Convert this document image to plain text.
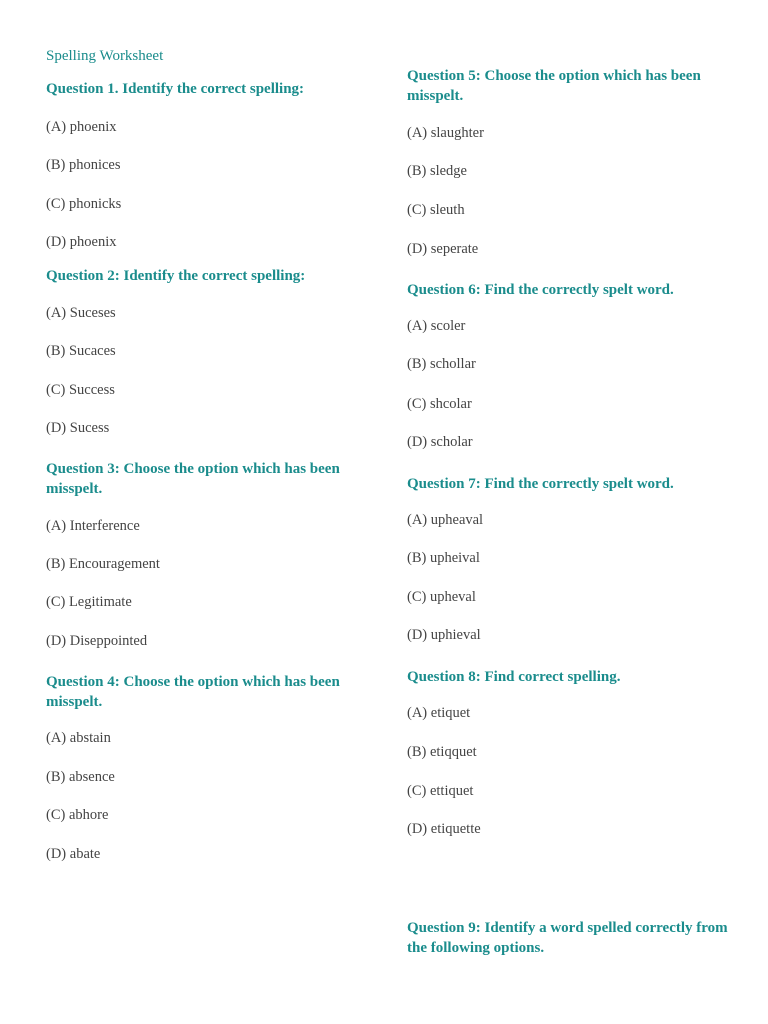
Spelling Worksheet
Question 1. Identify the correct spelling:
(A) phoenix
(B) phonices
(C) phonicks
(D) phoenix
Question 2: Identify the correct spelling:
(A) Suceses
(B) Sucaces
(C) Success
(D) Sucess
Question 3: Choose the option which has been misspelt.
(A) Interference
(B) Encouragement
(C) Legitimate
(D) Diseppointed
Question 4: Choose the option which has been misspelt.
(A) abstain
(B) absence
(C) abhore
(D) abate
Question 5: Choose the option which has been misspelt.
(A) slaughter
(B) sledge
(C) sleuth
(D) seperate
Question 6: Find the correctly spelt word.
(A) scoler
(B) schollar
(C) shcolar
(D) scholar
Question 7: Find the correctly spelt word.
(A) upheaval
(B) upheival
(C) upheval
(D) uphieval
Question 8: Find correct spelling.
(A) etiquet
(B) etiqquet
(C) ettiquet
(D) etiquette
Question 9: Identify a word spelled correctly from the following options.
